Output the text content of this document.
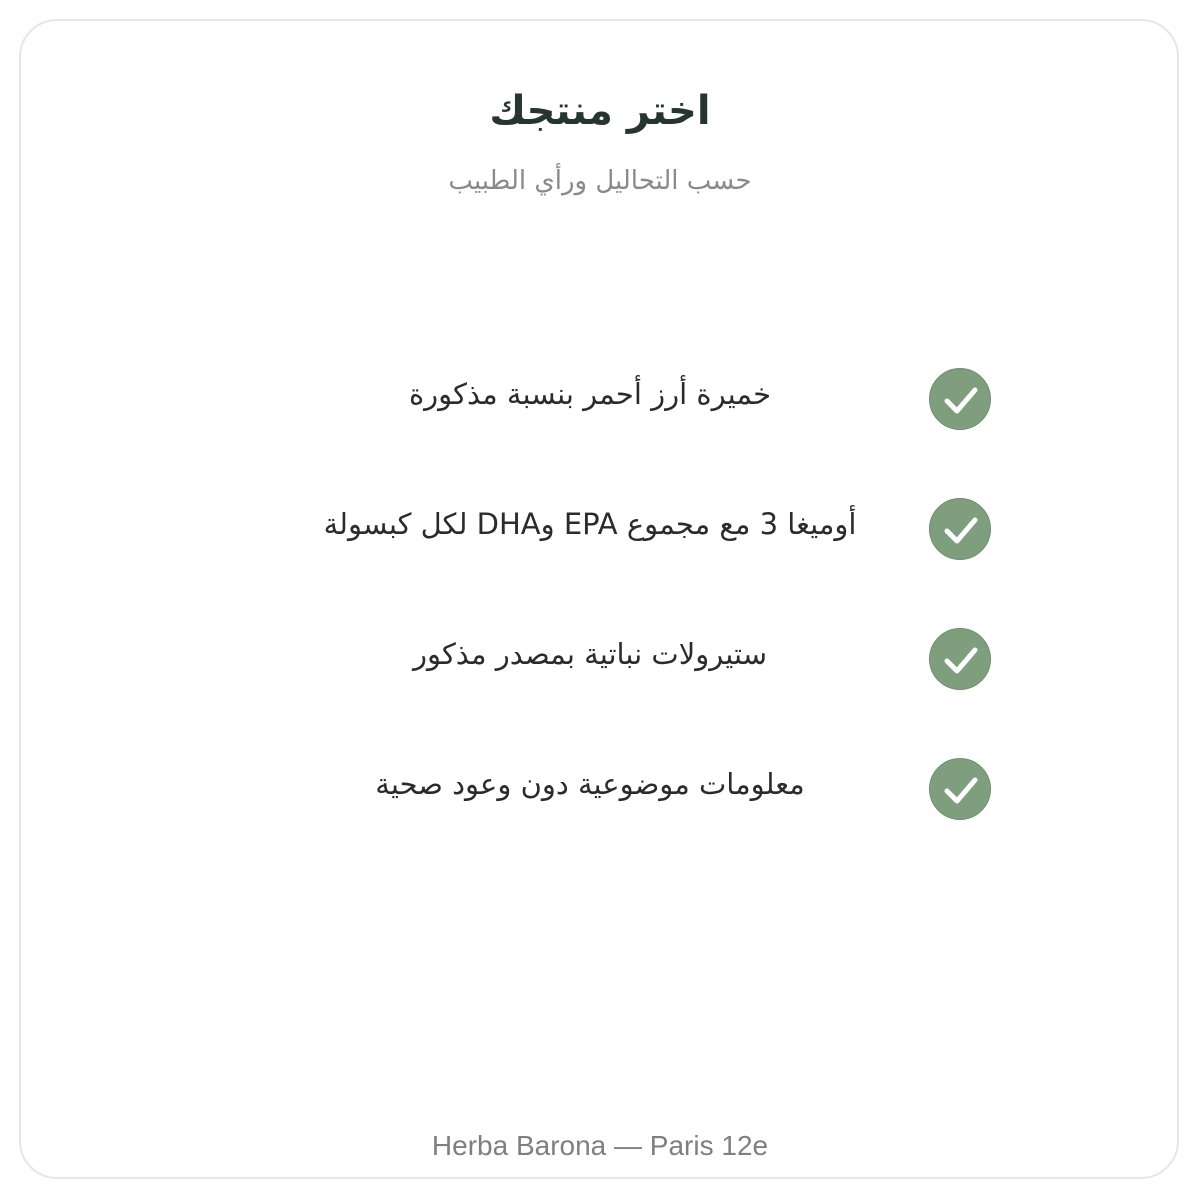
اختر منتجك

حسب التحاليل ورأي الطبيب

خميرة أرز أحمر بنسبة مذكورة
أوميغا 3 مع مجموع EPA وDHA لكل كبسولة
ستيرولات نباتية بمصدر مذكور
معلومات موضوعية دون وعود صحية

Herba Barona — Paris 12e
